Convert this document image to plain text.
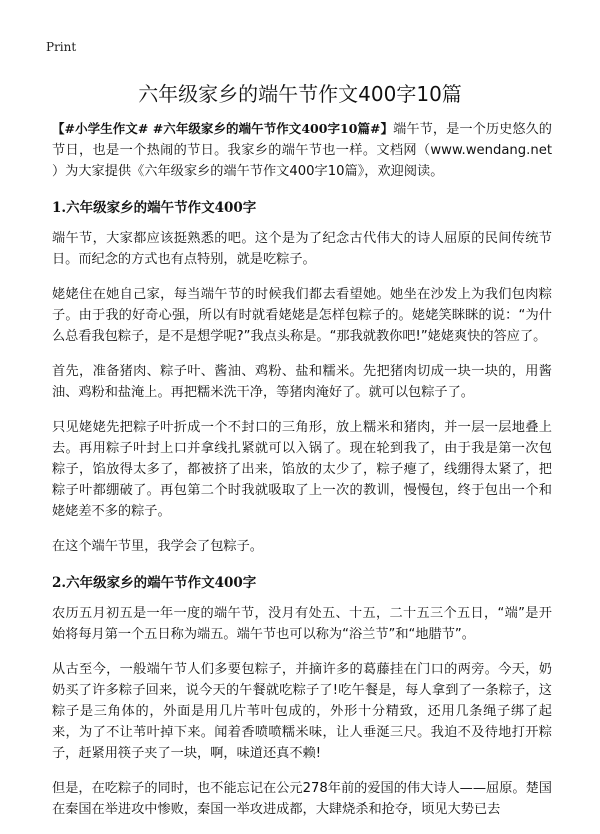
Print
六年级家乡的端午节作文400字10篇

【#小学生作文# #六年级家乡的端午节作文400字10篇#】端午节，是一个历史悠久的节日，也是一个热闹的节日。我家乡的端午节也一样。文档网（www.wendang.net ）为大家提供《六年级家乡的端午节作文400字10篇》，欢迎阅读。

1.六年级家乡的端午节作文400字

端午节，大家都应该挺熟悉的吧。这个是为了纪念古代伟大的诗人屈原的民间传统节日。而纪念的方式也有点特别，就是吃粽子。

姥姥住在她自己家，每当端午节的时候我们都去看望她。她坐在沙发上为我们包肉粽子。由于我的好奇心强，所以有时就看姥姥是怎样包粽子的。姥姥笑眯眯的说：“为什么总看我包粽子，是不是想学呢?”我点头称是。“那我就教你吧!”姥姥爽快的答应了。

首先，准备猪肉、粽子叶、酱油、鸡粉、盐和糯米。先把猪肉切成一块一块的，用酱油、鸡粉和盐淹上。再把糯米洗干净，等猪肉淹好了。就可以包粽子了。

只见姥姥先把粽子叶折成一个不封口的三角形，放上糯米和猪肉，并一层一层地叠上去。再用粽子叶封上口并拿线扎紧就可以入锅了。现在轮到我了，由于我是第一次包粽子，馅放得太多了，都被挤了出来，馅放的太少了，粽子瘪了，线绷得太紧了，把粽子叶都绷破了。再包第二个时我就吸取了上一次的教训，慢慢包，终于包出一个和姥姥差不多的粽子。

在这个端午节里，我学会了包粽子。

2.六年级家乡的端午节作文400字

农历五月初五是一年一度的端午节，没月有处五、十五，二十五三个五日，“端”是开始将每月第一个五日称为端五。端午节也可以称为“浴兰节”和“地腊节”。

从古至今，一般端午节人们多要包粽子，并摘许多的葛藤挂在门口的两旁。今天，奶奶买了许多粽子回来，说今天的午餐就吃粽子了!吃午餐是，每人拿到了一条粽子，这粽子是三角体的，外面是用几片苇叶包成的，外形十分精致，还用几条绳子绑了起来，为了不让苇叶掉下来。闻着香喷喷糯米味，让人垂涎三尺。我迫不及待地打开粽子，赶紧用筷子夹了一块，啊，味道还真不赖!

但是，在吃粽子的同时，也不能忘记在公元278年前的爱国的伟大诗人——屈原。楚国在秦国在举进攻中惨败，秦国一举攻进成都，大肆烧杀和抢夺，顷见大势已去
